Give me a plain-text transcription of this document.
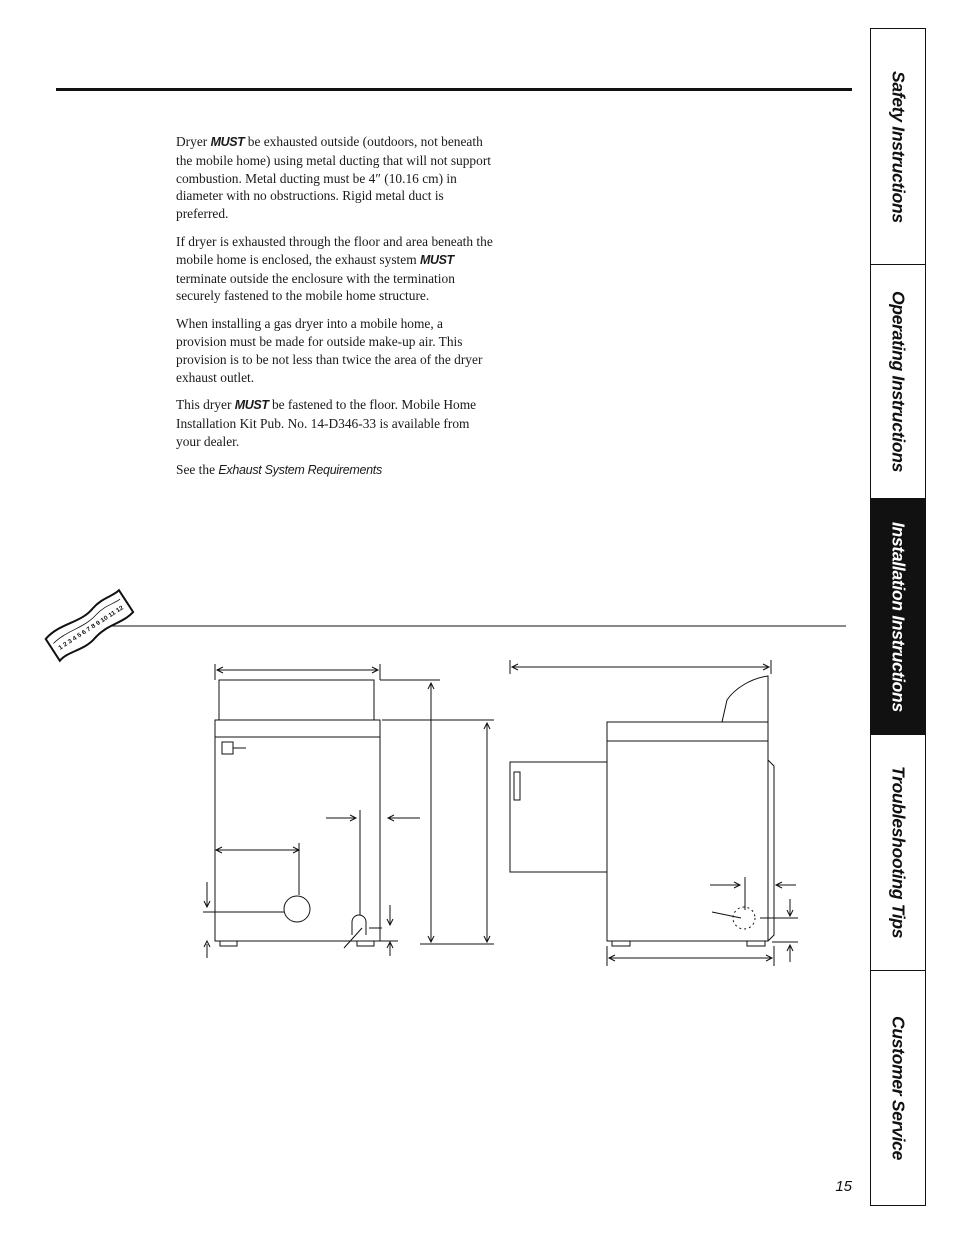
Dryer MUST be exhausted outside (outdoors, not beneath the mobile home) using metal ducting that will not support combustion. Metal ducting must be 4″ (10.16 cm) in diameter with no obstructions. Rigid metal duct is preferred.

If dryer is exhausted through the floor and area beneath the mobile home is enclosed, the exhaust system MUST terminate outside the enclosure with the termination securely fastened to the mobile home structure.

When installing a gas dryer into a mobile home, a provision must be made for outside make-up air. This provision is to be not less than twice the area of the dryer exhaust outlet.

This dryer MUST be fastened to the floor. Mobile Home Installation Kit Pub. No. 14-D346-33 is available from your dealer.

See the Exhaust System Requirements

1 2 3 4 5 6 7 8 9 10 11 12
Safety Instructions
Operating Instructions
Installation Instructions
Troubleshooting Tips
Customer Service
15
